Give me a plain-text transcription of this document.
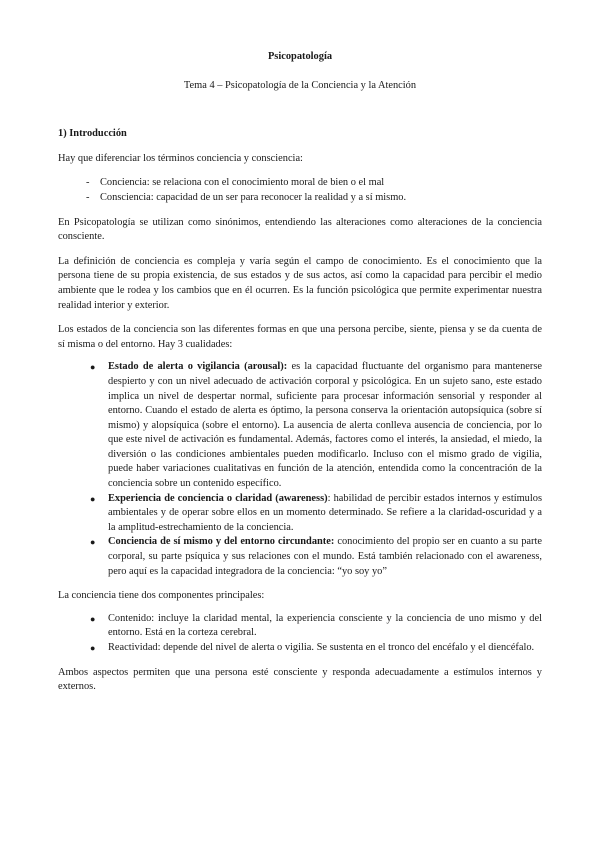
Psicopatología

Tema 4 – Psicopatología de la Conciencia y la Atención

1) Introducción

Hay que diferenciar los términos conciencia y consciencia:

- Conciencia: se relaciona con el conocimiento moral de bien o el mal
- Consciencia: capacidad de un ser para reconocer la realidad y a sí mismo.

En Psicopatología se utilizan como sinónimos, entendiendo las alteraciones como alteraciones de la conciencia consciente.

La definición de conciencia es compleja y varía según el campo de conocimiento. Es el conocimiento que la persona tiene de su propia existencia, de sus estados y de sus actos, así como la capacidad para percibir el medio ambiente que le rodea y los cambios que en él ocurren. Es la función psicológica que permite experimentar nuestra realidad interior y exterior.

Los estados de la conciencia son las diferentes formas en que una persona percibe, siente, piensa y se da cuenta de sí misma o del entorno. Hay 3 cualidades:

● Estado de alerta o vigilancia (arousal): es la capacidad fluctuante del organismo para mantenerse despierto y con un nivel adecuado de activación corporal y psicológica. En un sujeto sano, este estado implica un nivel de despertar normal, suficiente para procesar información sensorial y responder al entorno. Cuando el estado de alerta es óptimo, la persona conserva la orientación autopsíquica (sobre sí mismo) y alopsíquica (sobre el entorno). La ausencia de alerta conlleva ausencia de conciencia, por lo que este nivel de activación es fundamental. Además, factores como el interés, la ansiedad, el miedo, la diversión o las condiciones ambientales pueden modificarlo. Incluso con el mismo grado de vigilia, puede haber variaciones cualitativas en función de la atención, entendida como la concentración de la conciencia sobre un contenido específico.
● Experiencia de conciencia o claridad (awareness): habilidad de percibir estados internos y estímulos ambientales y de operar sobre ellos en un momento determinado. Se refiere a la claridad-oscuridad y a la amplitud-estrechamiento de la conciencia.
● Conciencia de sí mismo y del entorno circundante: conocimiento del propio ser en cuanto a su parte corporal, su parte psíquica y sus relaciones con el mundo. Está también relacionado con el awareness, pero aquí es la capacidad integradora de la conciencia: “yo soy yo”

La conciencia tiene dos componentes principales:

● Contenido: incluye la claridad mental, la experiencia consciente y la conciencia de uno mismo y del entorno. Está en la corteza cerebral.
● Reactividad: depende del nivel de alerta o vigilia. Se sustenta en el tronco del encéfalo y el diencéfalo.

Ambos aspectos permiten que una persona esté consciente y responda adecuadamente a estímulos internos y externos.
